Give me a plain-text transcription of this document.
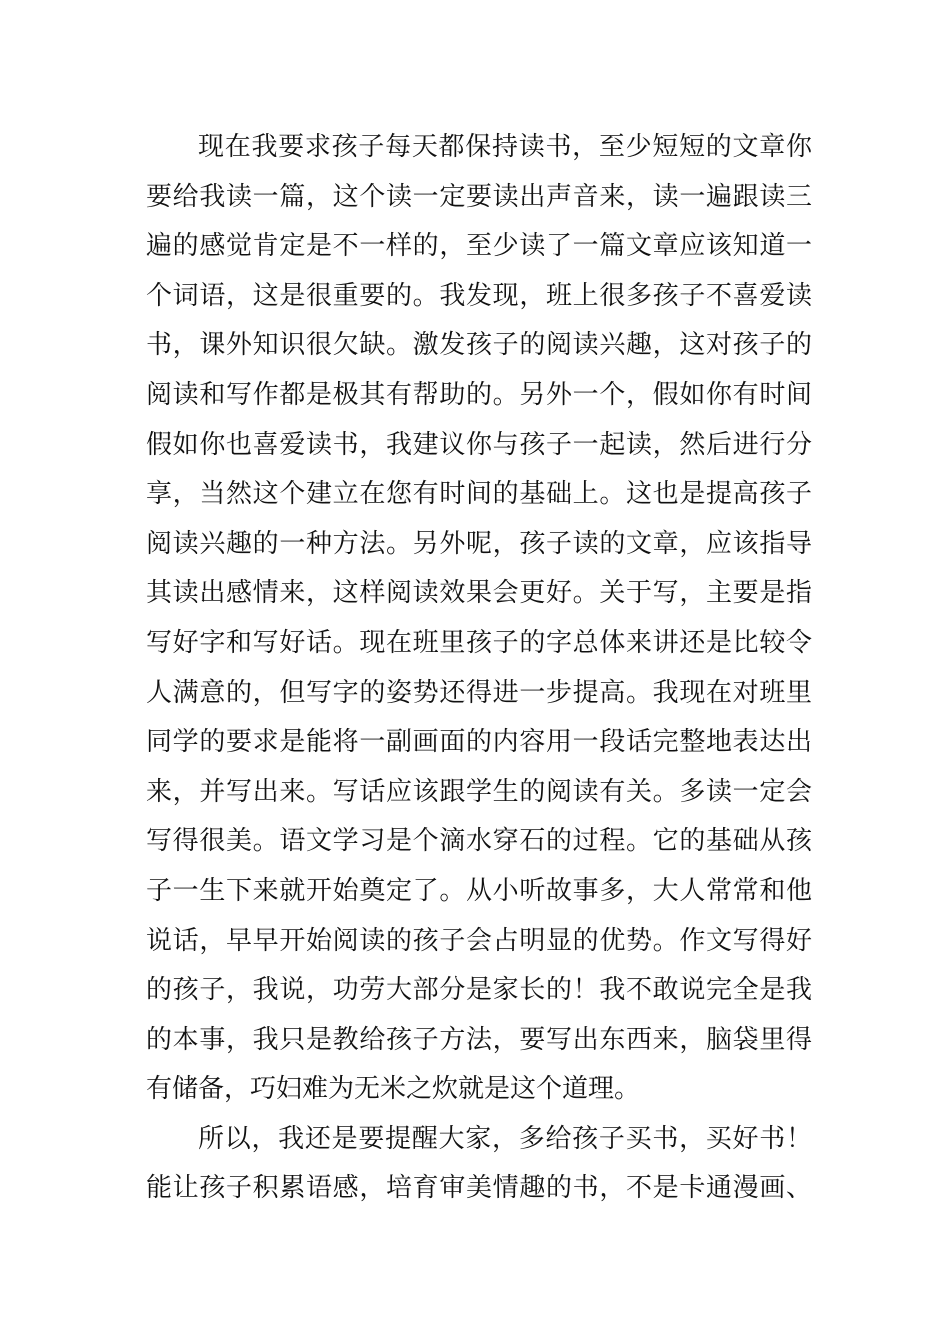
现在我要求孩子每天都保持读书，至少短短的文章你
要给我读一篇，这个读一定要读出声音来，读一遍跟读三
遍的感觉肯定是不一样的，至少读了一篇文章应该知道一
个词语，这是很重要的。我发现，班上很多孩子不喜爱读
书，课外知识很欠缺。激发孩子的阅读兴趣，这对孩子的
阅读和写作都是极其有帮助的。另外一个，假如你有时间
假如你也喜爱读书，我建议你与孩子一起读，然后进行分
享，当然这个建立在您有时间的基础上。这也是提高孩子
阅读兴趣的一种方法。另外呢，孩子读的文章，应该指导
其读出感情来，这样阅读效果会更好。关于写，主要是指
写好字和写好话。现在班里孩子的字总体来讲还是比较令
人满意的，但写字的姿势还得进一步提高。我现在对班里
同学的要求是能将一副画面的内容用一段话完整地表达出
来，并写出来。写话应该跟学生的阅读有关。多读一定会
写得很美。语文学习是个滴水穿石的过程。它的基础从孩
子一生下来就开始奠定了。从小听故事多，大人常常和他
说话，早早开始阅读的孩子会占明显的优势。作文写得好
的孩子，我说，功劳大部分是家长的！我不敢说完全是我
的本事，我只是教给孩子方法，要写出东西来，脑袋里得
有储备，巧妇难为无米之炊就是这个道理。
所以，我还是要提醒大家，多给孩子买书，买好书！
能让孩子积累语感，培育审美情趣的书，不是卡通漫画、
